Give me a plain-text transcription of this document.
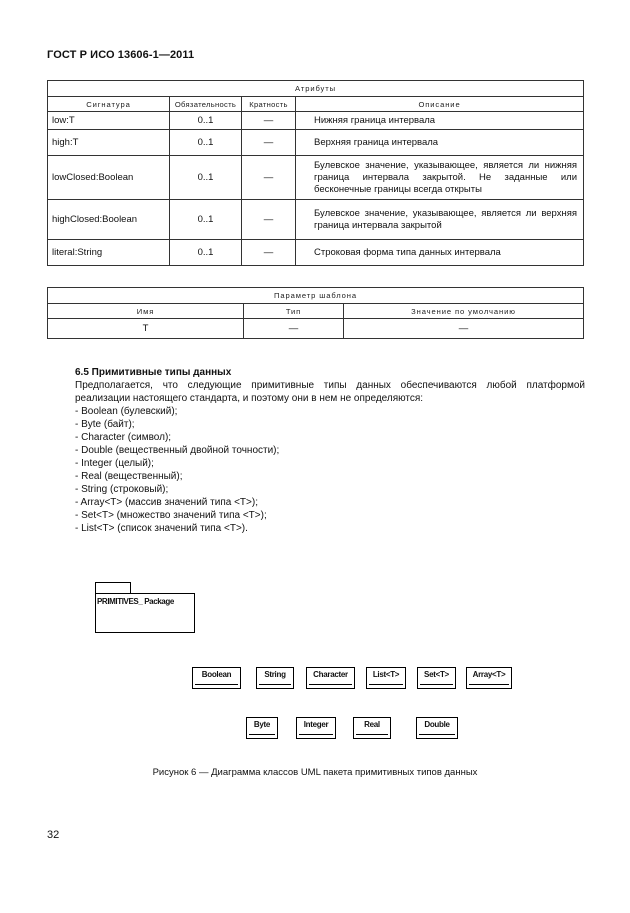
ГОСТ Р ИСО 13606-1—2011
Атрибуты			
Сигнатура	Обязательность	Кратность	Описание
low:T	0..1	—	Нижняя граница интервала
high:T	0..1	—	Верхняя граница интервала
lowClosed:Boolean	0..1	—	Булевское значение, указывающее, является ли нижняя граница интервала закрытой. Не заданные или бесконечные границы всегда открыты
highClosed:Boolean	0..1	—	Булевское значение, указывающее, является ли верхняя граница интервала закрытой
literal:String	0..1	—	Строковая форма типа данных интервала
Параметр шаблона		
Имя	Тип	Значение по умолчанию
T	—	—
6.5 Примитивные типы данных

Предполагается, что следующие примитивные типы данных обеспечиваются любой платформой реализации настоящего стандарта, и поэтому они в нем не определяются:

- Boolean (булевский);
- Byte (байт);
- Character (символ);
- Double (вещественный двойной точности);
- Integer (целый);
- Real (вещественный);
- String (строковый);
- Array<T> (массив значений типа <T>);
- Set<T> (множество значений типа <T>);
- List<T> (список значений типа <T>).
PRIMITIVES_ Package
Boolean	String	Character	List<T>	Set<T>	Array<T>
Byte	Integer	Real	Double
Рисунок 6 — Диаграмма классов UML пакета примитивных типов данных
32
